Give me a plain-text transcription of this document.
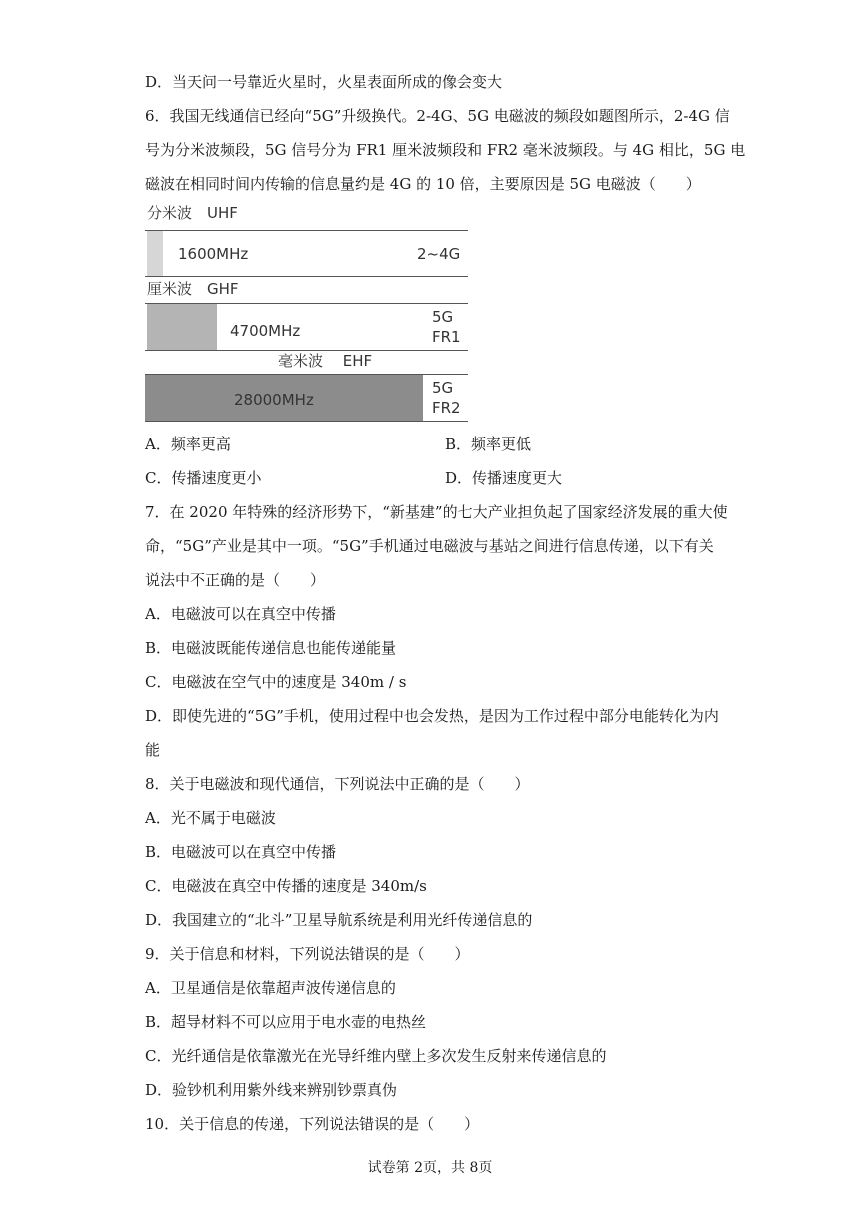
D．当天问一号靠近火星时，火星表面所成的像会变大
6．我国无线通信已经向“5G”升级换代。2-4G、5G 电磁波的频段如题图所示，2-4G 信
号为分米波频段，5G 信号分为 FR1 厘米波频段和 FR2 毫米波频段。与 4G 相比，5G 电
磁波在相同时间内传输的信息量约是 4G 的 10 倍，主要原因是 5G 电磁波（　　）
分米波　UHF
1600MHz	2~4G
厘米波　GHF
4700MHz
5G
FR1
毫米波　 EHF
28000MHz
5G
FR2
A．频率更高	B．频率更低
C．传播速度更小	D．传播速度更大
7．在 2020 年特殊的经济形势下，“新基建”的七大产业担负起了国家经济发展的重大使
命，“5G”产业是其中一项。“5G”手机通过电磁波与基站之间进行信息传递，以下有关
说法中不正确的是（　　）
A．电磁波可以在真空中传播
B．电磁波既能传递信息也能传递能量
C．电磁波在空气中的速度是 340m / s
D．即使先进的“5G”手机，使用过程中也会发热，是因为工作过程中部分电能转化为内
能
8．关于电磁波和现代通信，下列说法中正确的是（　　）
A．光不属于电磁波
B．电磁波可以在真空中传播
C．电磁波在真空中传播的速度是 340m/s
D．我国建立的“北斗”卫星导航系统是利用光纤传递信息的
9．关于信息和材料，下列说法错误的是（　　）
A．卫星通信是依靠超声波传递信息的
B．超导材料不可以应用于电水壶的电热丝
C．光纤通信是依靠激光在光导纤维内壁上多次发生反射来传递信息的
D．验钞机利用紫外线来辨别钞票真伪
10．关于信息的传递，下列说法错误的是（　　）
试卷第 2页，共 8页
